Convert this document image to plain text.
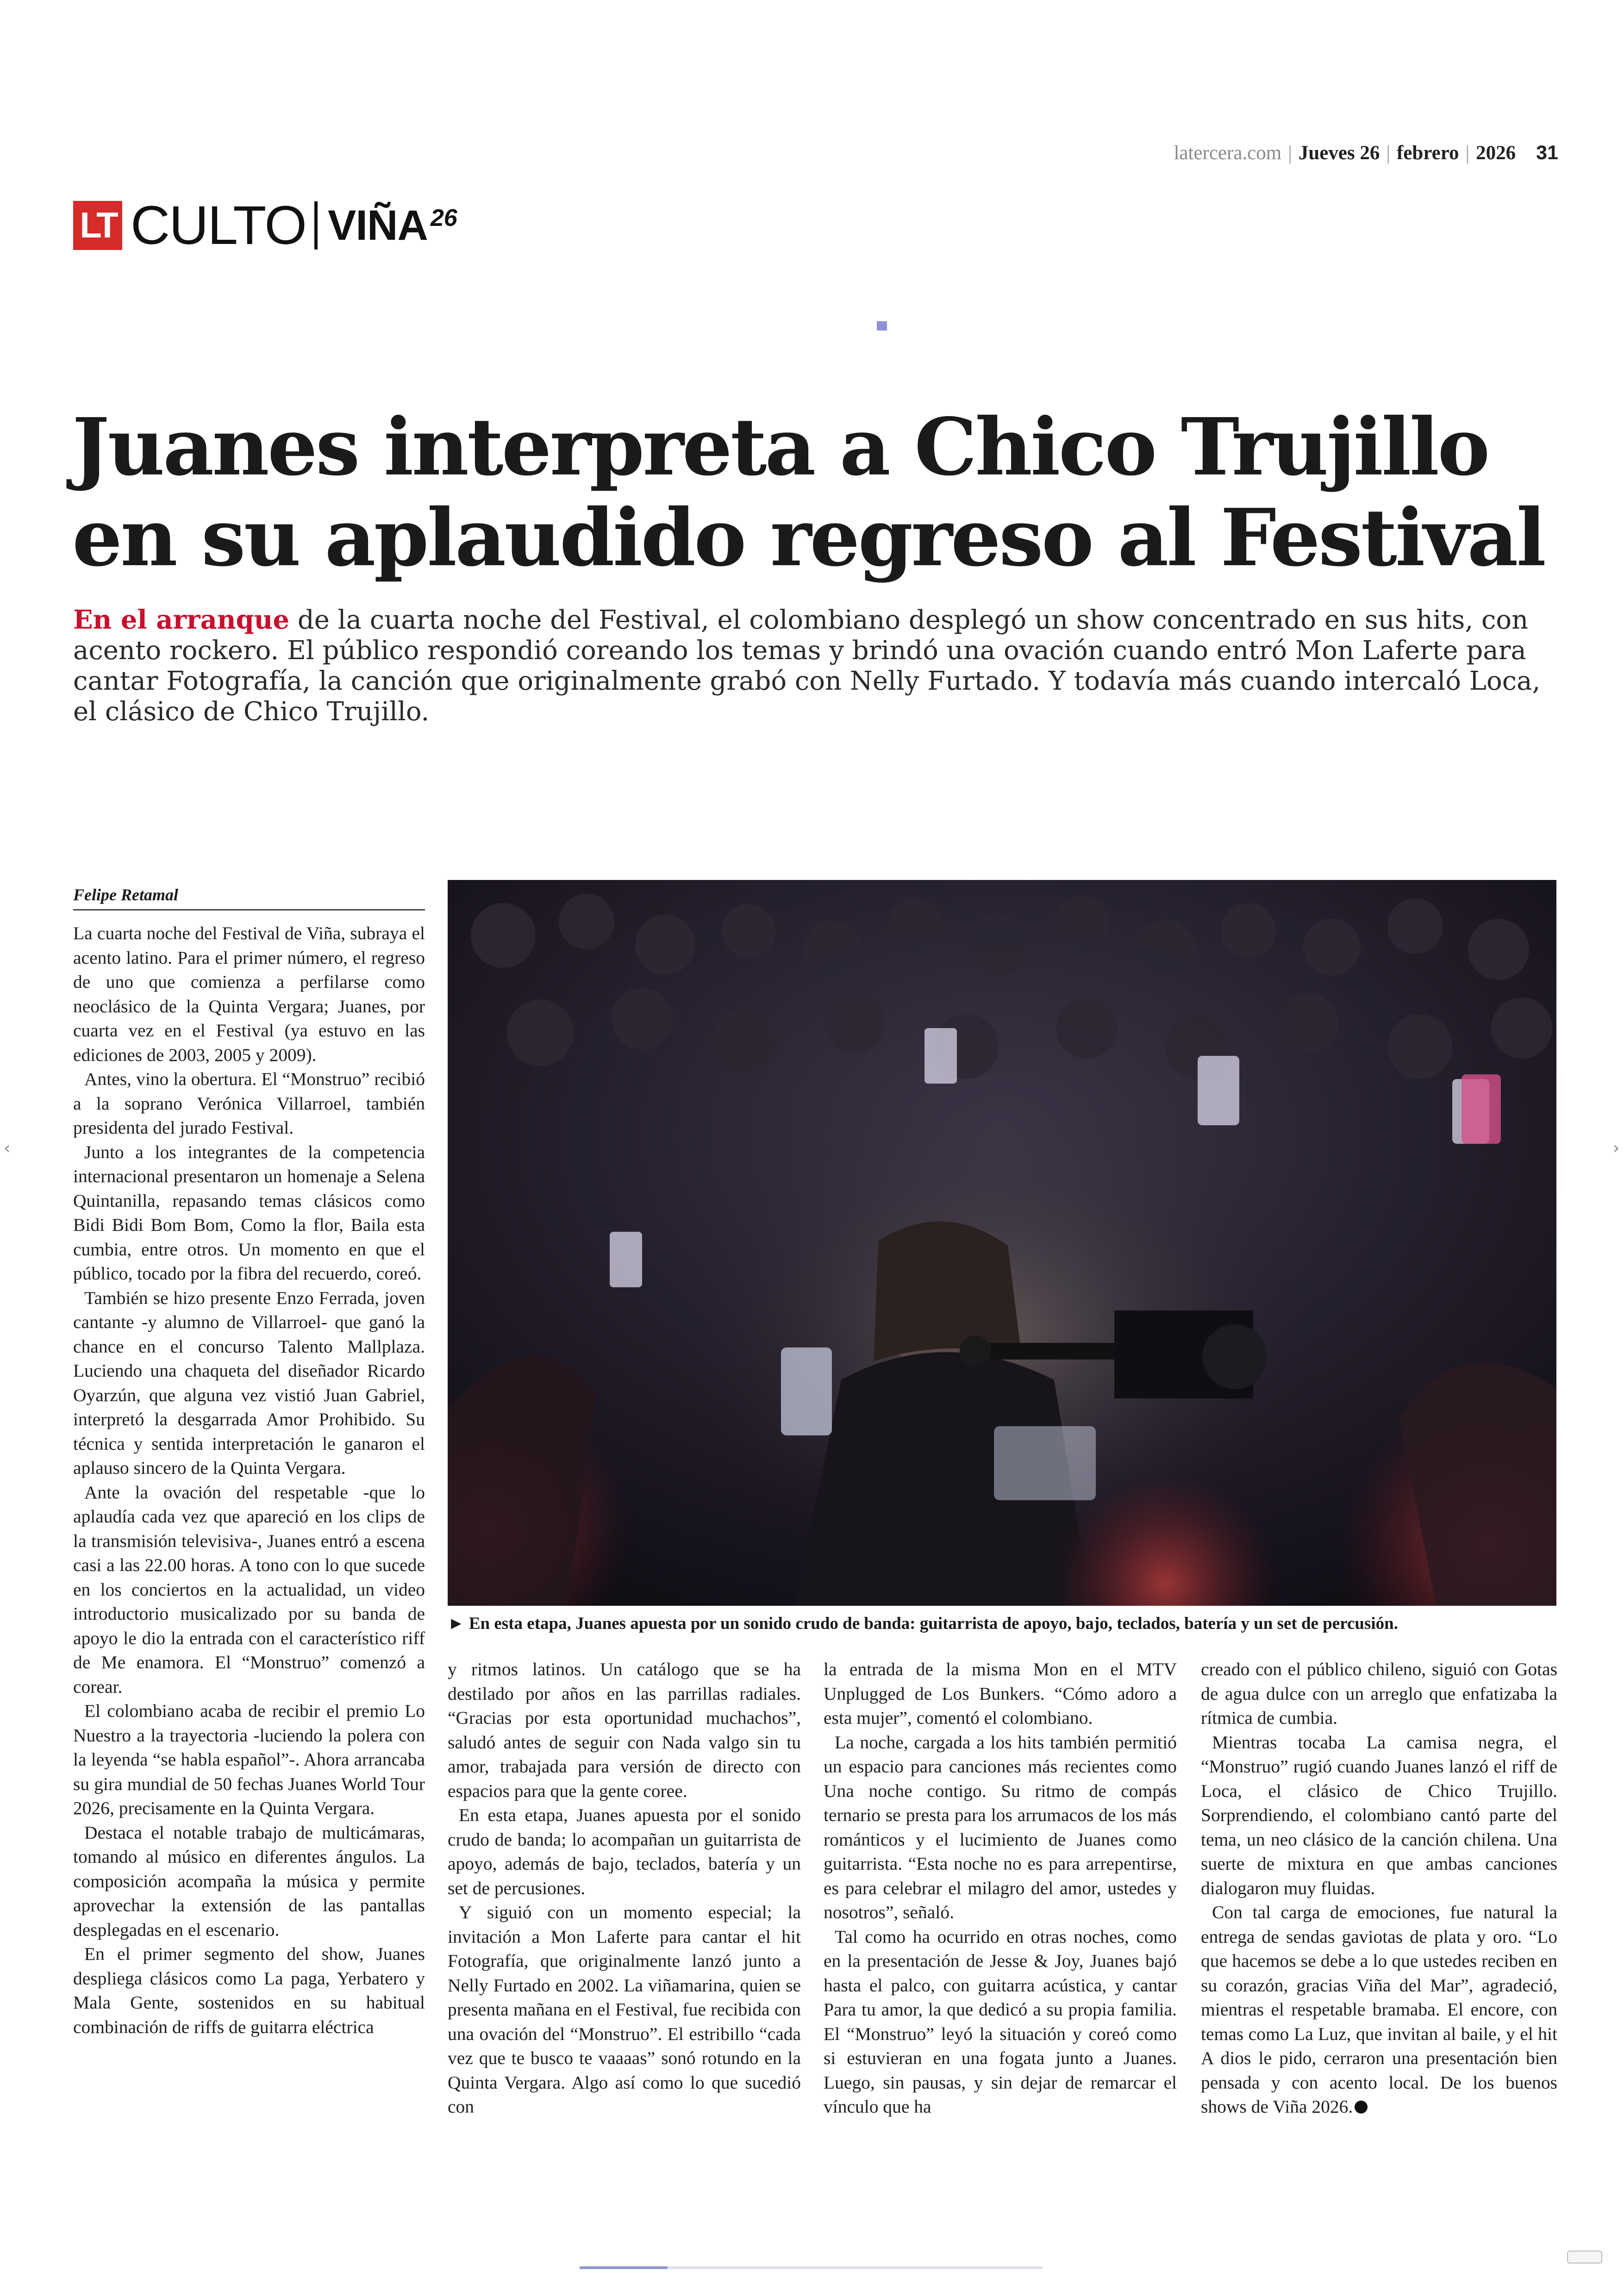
latercera.com | Jueves 26 | febrero | 2026 31
LT CULTO VIÑA 26
Juanes interpreta a Chico Trujillo en su aplaudido regreso al Festival

En el arranque de la cuarta noche del Festival, el colombiano desplegó un show concentrado en sus hits, con acento rockero. El público respondió coreando los temas y brindó una ovación cuando entró Mon Laferte para cantar Fotografía, la canción que originalmente grabó con Nelly Furtado. Y todavía más cuando intercaló Loca, el clásico de Chico Trujillo.

Felipe Retamal
► En esta etapa, Juanes apuesta por un sonido crudo de banda: guitarrista de apoyo, bajo, teclados, batería y un set de percusión.

La cuarta noche del Festival de Viña, subraya el acento latino. Para el primer número, el regreso de uno que comienza a perfilarse como neoclásico de la Quinta Vergara; Juanes, por cuarta vez en el Festival (ya estuvo en las ediciones de 2003, 2005 y 2009).

Antes, vino la obertura. El “Monstruo” recibió a la soprano Verónica Villarroel, también presidenta del jurado Festival.

Junto a los integrantes de la competencia internacional presentaron un homenaje a Selena Quintanilla, repasando temas clásicos como Bidi Bidi Bom Bom, Como la flor, Baila esta cumbia, entre otros. Un momento en que el público, tocado por la fibra del recuerdo, coreó.

También se hizo presente Enzo Ferrada, joven cantante -y alumno de Villarroel- que ganó la chance en el concurso Talento Mallplaza. Luciendo una chaqueta del diseñador Ricardo Oyarzún, que alguna vez vistió Juan Gabriel, interpretó la desgarrada Amor Prohibido. Su técnica y sentida interpretación le ganaron el aplauso sincero de la Quinta Vergara.

Ante la ovación del respetable -que lo aplaudía cada vez que apareció en los clips de la transmisión televisiva-, Juanes entró a escena casi a las 22.00 horas. A tono con lo que sucede en los conciertos en la actualidad, un video introductorio musicalizado por su banda de apoyo le dio la entrada con el característico riff de Me enamora. El “Monstruo” comenzó a corear.

El colombiano acaba de recibir el premio Lo Nuestro a la trayectoria -luciendo la polera con la leyenda “se habla español”-. Ahora arrancaba su gira mundial de 50 fechas Juanes World Tour 2026, precisamente en la Quinta Vergara.

Destaca el notable trabajo de multicámaras, tomando al músico en diferentes ángulos. La composición acompaña la música y permite aprovechar la extensión de las pantallas desplegadas en el escenario.

En el primer segmento del show, Juanes despliega clásicos como La paga, Yerbatero y Mala Gente, sostenidos en su habitual combinación de riffs de guitarra eléctrica

y ritmos latinos. Un catálogo que se ha destilado por años en las parrillas radiales. “Gracias por esta oportunidad muchachos”, saludó antes de seguir con Nada valgo sin tu amor, trabajada para versión de directo con espacios para que la gente coree.

En esta etapa, Juanes apuesta por el sonido crudo de banda; lo acompañan un guitarrista de apoyo, además de bajo, teclados, batería y un set de percusiones.

Y siguió con un momento especial; la invitación a Mon Laferte para cantar el hit Fotografía, que originalmente lanzó junto a Nelly Furtado en 2002. La viñamarina, quien se presenta mañana en el Festival, fue recibida con una ovación del “Monstruo”. El estribillo “cada vez que te busco te vaaaas” sonó rotundo en la Quinta Vergara. Algo así como lo que sucedió con

la entrada de la misma Mon en el MTV Unplugged de Los Bunkers. “Cómo adoro a esta mujer”, comentó el colombiano.

La noche, cargada a los hits también permitió un espacio para canciones más recientes como Una noche contigo. Su ritmo de compás ternario se presta para los arrumacos de los más románticos y el lucimiento de Juanes como guitarrista. “Esta noche no es para arrepentirse, es para celebrar el milagro del amor, ustedes y nosotros”, señaló.

Tal como ha ocurrido en otras noches, como en la presentación de Jesse & Joy, Juanes bajó hasta el palco, con guitarra acústica, y cantar Para tu amor, la que dedicó a su propia familia. El “Monstruo” leyó la situación y coreó como si estuvieran en una fogata junto a Juanes. Luego, sin pausas, y sin dejar de remarcar el vínculo que ha

creado con el público chileno, siguió con Gotas de agua dulce con un arreglo que enfatizaba la rítmica de cumbia.

Mientras tocaba La camisa negra, el “Monstruo” rugió cuando Juanes lanzó el riff de Loca, el clásico de Chico Trujillo. Sorprendiendo, el colombiano cantó parte del tema, un neo clásico de la canción chilena. Una suerte de mixtura en que ambas canciones dialogaron muy fluidas.

Con tal carga de emociones, fue natural la entrega de sendas gaviotas de plata y oro. “Lo que hacemos se debe a lo que ustedes reciben en su corazón, gracias Viña del Mar”, agradeció, mientras el respetable bramaba. El encore, con temas como La Luz, que invitan al baile, y el hit A dios le pido, cerraron una presentación bien pensada y con acento local. De los buenos shows de Viña 2026.

‹	›
